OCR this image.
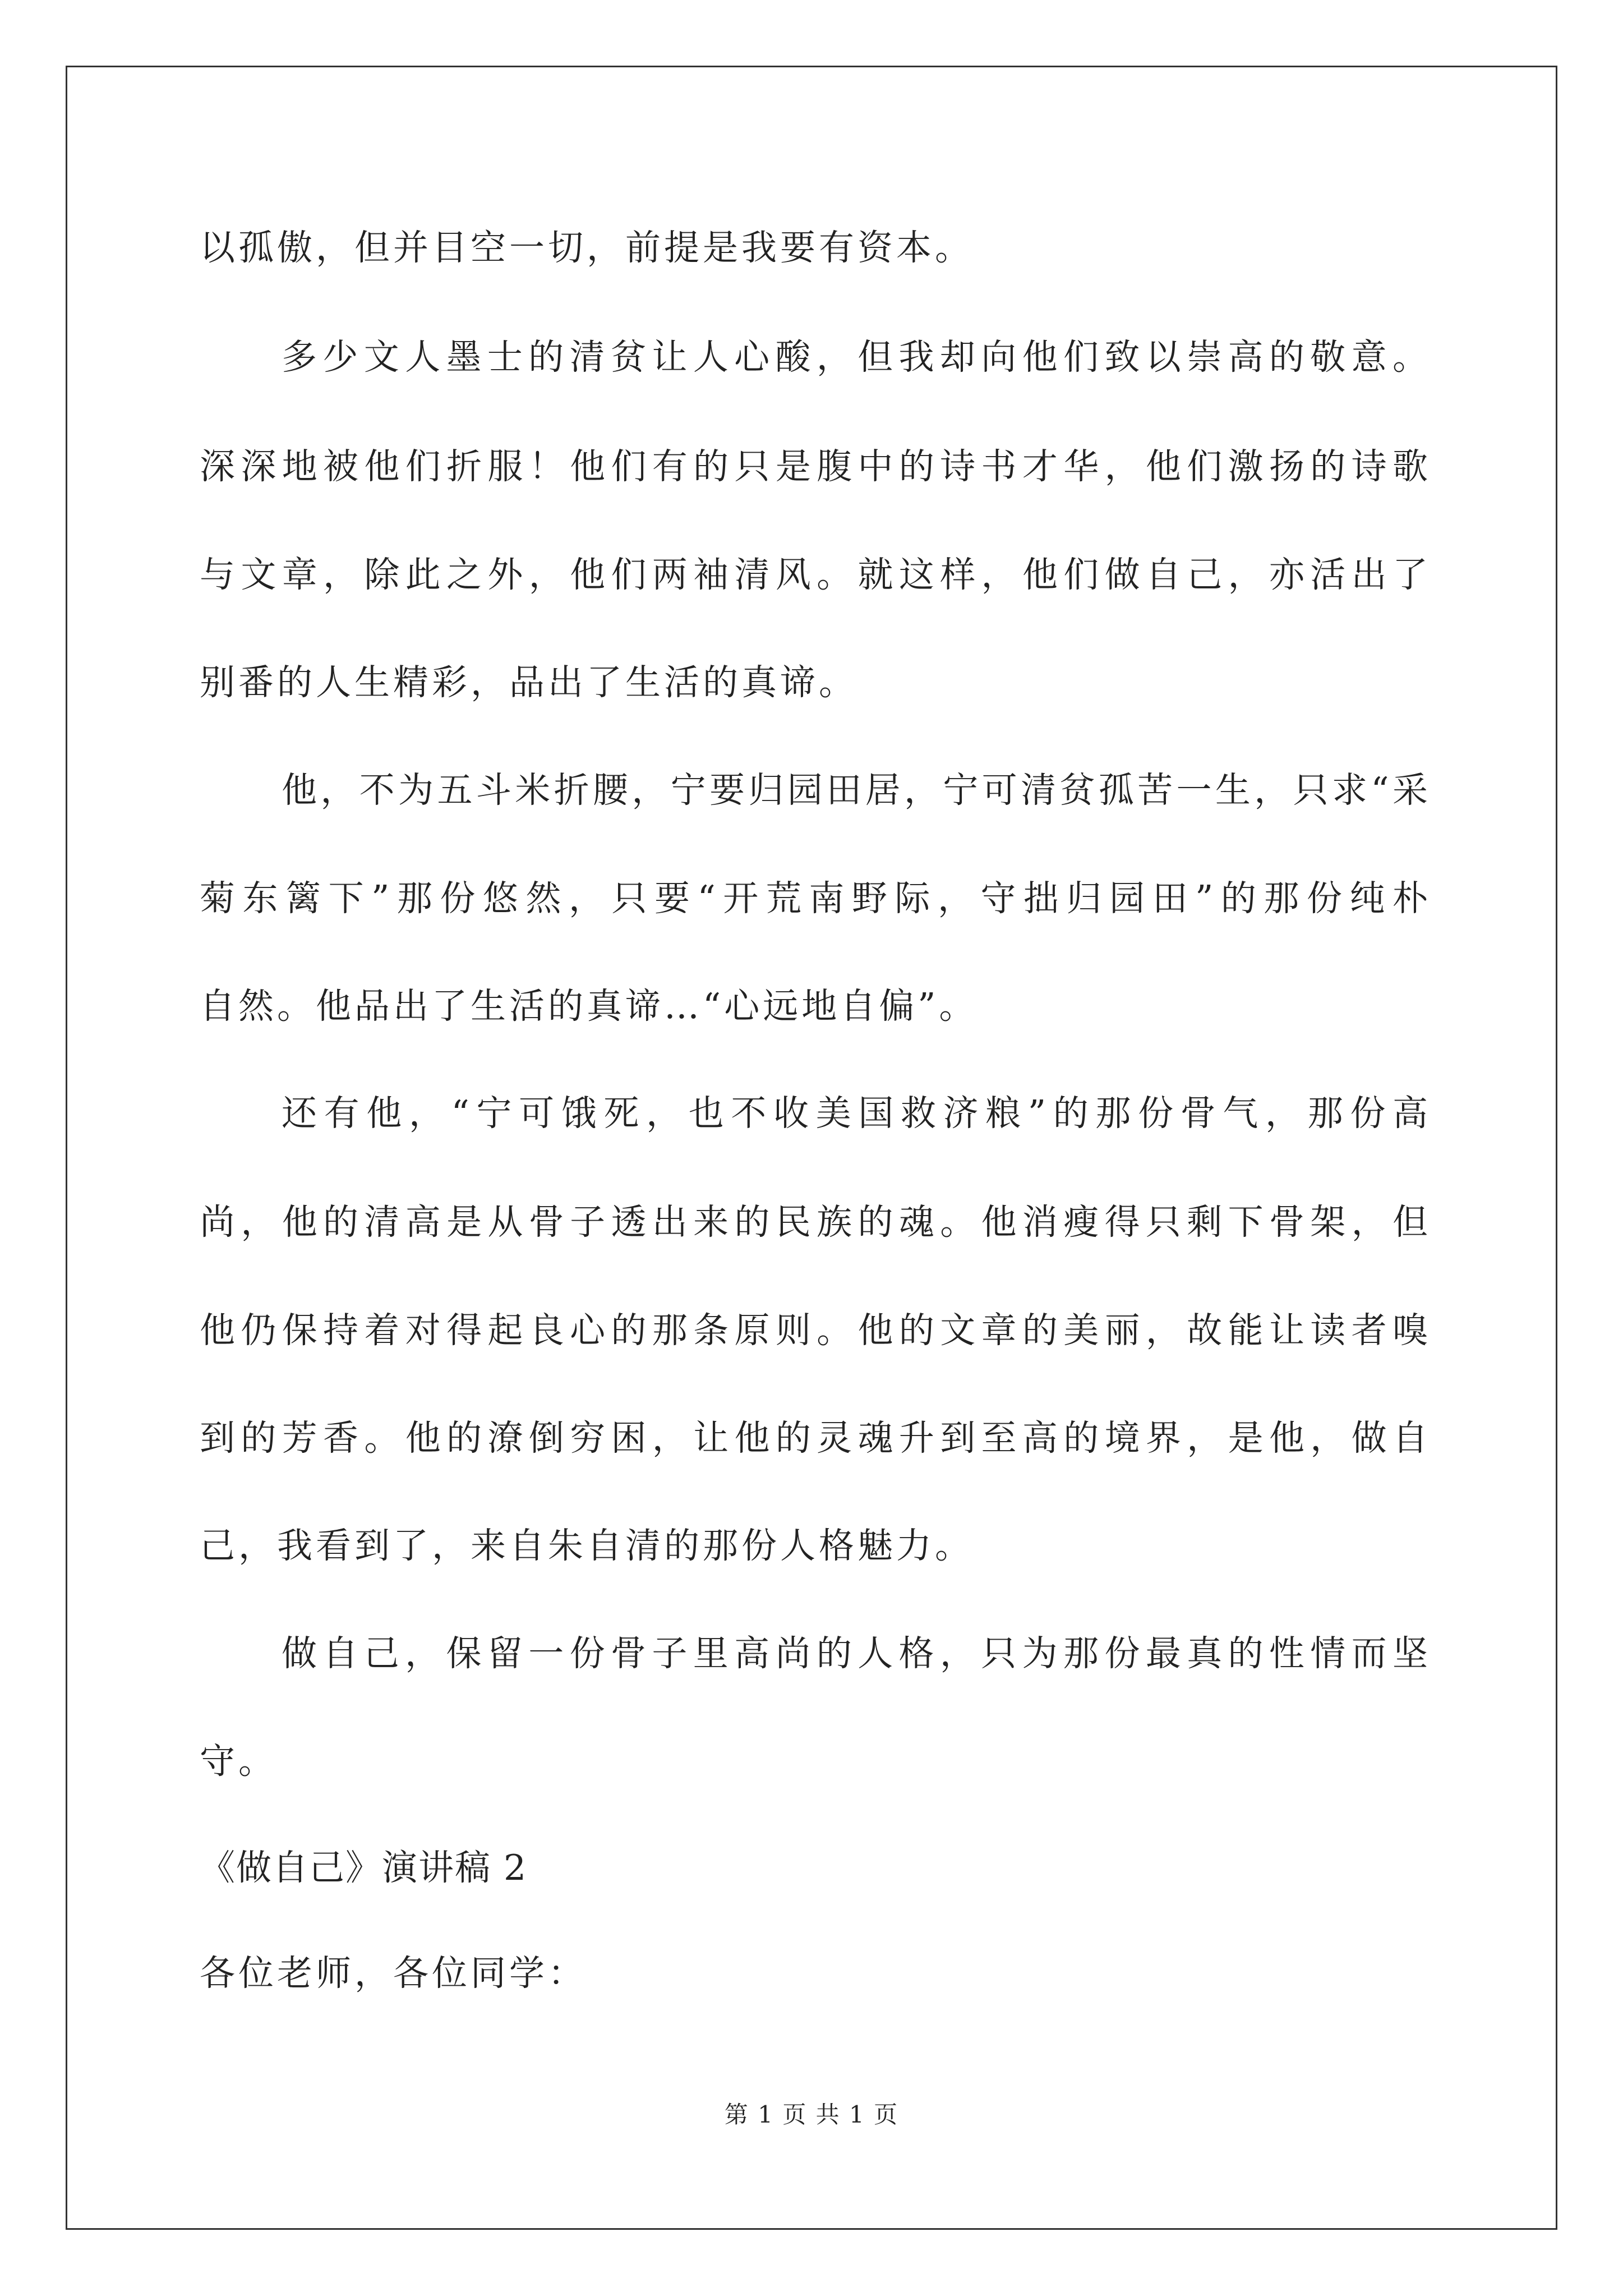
以孤傲，但并目空一切，前提是我要有资本。
多少文人墨士的清贫让人心酸，但我却向他们致以崇高的敬意。
深深地被他们折服！他们有的只是腹中的诗书才华，他们激扬的诗歌
与文章，除此之外，他们两袖清风。就这样，他们做自己，亦活出了
别番的人生精彩，品出了生活的真谛。
他，不为五斗米折腰，宁要归园田居，宁可清贫孤苦一生，只求“采
菊东篱下”那份悠然，只要“开荒南野际，守拙归园田”的那份纯朴
自然。他品出了生活的真谛…“心远地自偏”。
还有他，“宁可饿死，也不收美国救济粮”的那份骨气，那份高
尚，他的清高是从骨子透出来的民族的魂。他消瘦得只剩下骨架，但
他仍保持着对得起良心的那条原则。他的文章的美丽，故能让读者嗅
到的芳香。他的潦倒穷困，让他的灵魂升到至高的境界，是他，做自
己，我看到了，来自朱自清的那份人格魅力。
做自己，保留一份骨子里高尚的人格，只为那份最真的性情而坚
守。
《做自己》演讲稿 2
各位老师，各位同学：
第 1 页 共 1 页
